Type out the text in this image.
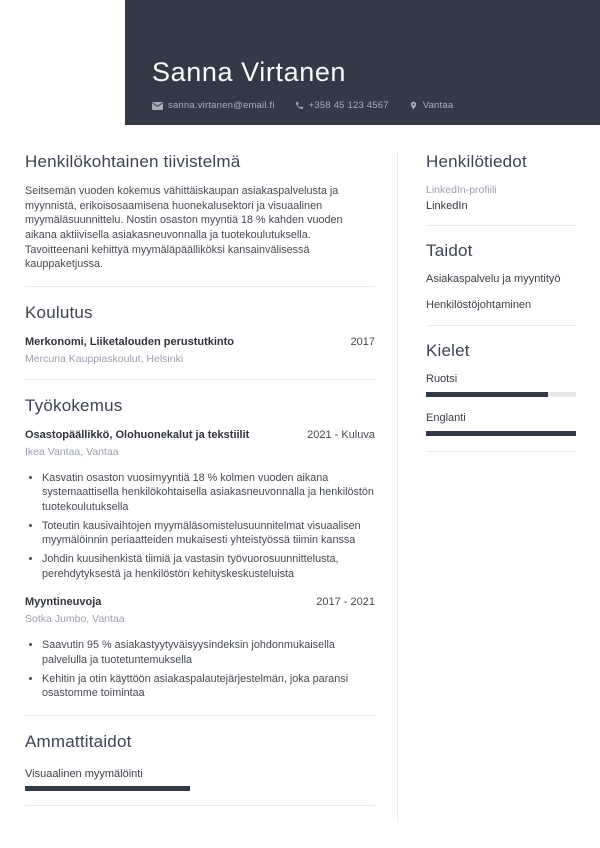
Sanna Virtanen
sanna.virtanen@email.fi	+358 45 123 4567	Vantaa
Henkilökohtainen tiivistelmä

Seitsemän vuoden kokemus vähittäiskaupan asiakaspalvelusta ja myynnistä, erikoisosaamisena huonekalusektori ja visuaalinen myymäläsuunnittelu. Nostin osaston myyntiä 18 % kahden vuoden aikana aktiivisella asiakasneuvonnalla ja tuotekoulutuksella. Tavoitteenani kehittyä myymäläpäälliköksi kansainvälisessä kauppaketjussa.

Koulutus
Merkonomi, Liiketalouden perustutkinto	2017
Mercuria Kauppiaskoulut, Helsinki
Työkokemus
Osastopäällikkö, Olohuonekalut ja tekstiilit	2021 - Kuluva
Ikea Vantaa, Vantaa
• Kasvatin osaston vuosimyyntiä 18 % kolmen vuoden aikana systemaattisella henkilökohtaisella asiakasneuvonnalla ja henkilöstön tuotekoulutuksella
• Toteutin kausivaihtojen myymäläsomistelusuunnitelmat visuaalisen myymälöinnin periaatteiden mukaisesti yhteistyössä tiimin kanssa
• Johdin kuusihenkistä tiimiä ja vastasin työvuorosuunnittelusta, perehdytyksestä ja henkilöstön kehityskeskusteluista
Myyntineuvoja	2017 - 2021
Sotka Jumbo, Vantaa
• Saavutin 95 % asiakastyytyväisyysindeksin johdonmukaisella palvelulla ja tuotetuntemuksella
• Kehitin ja otin käyttöön asiakaspalautejärjestelmän, joka paransi osastomme toimintaa
Ammattitaidot
Visuaalinen myymälöinti
Henkilötiedot
LinkedIn-profiili
LinkedIn
Taidot
Asiakaspalvelu ja myyntityö
Henkilöstöjohtaminen
Kielet
Ruotsi
Englanti
